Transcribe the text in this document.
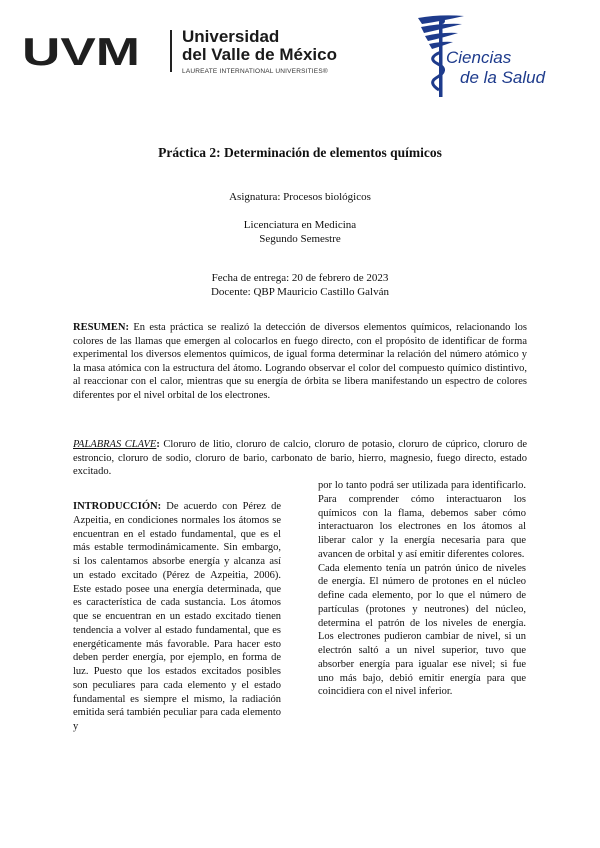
UVM Universidad
del Valle de México
LAUREATE INTERNATIONAL UNIVERSITIES®
Ciencias
de la Salud
Práctica 2: Determinación de elementos químicos
Asignatura: Procesos biológicos
Licenciatura en Medicina
Segundo Semestre
Fecha de entrega: 20 de febrero de 2023
Docente: QBP Mauricio Castillo Galván
RESUMEN: En esta práctica se realizó la detección de diversos elementos químicos, relacionando los colores de las llamas que emergen al colocarlos en fuego directo, con el propósito de identificar de forma experimental los diversos elementos químicos, de igual forma determinar la relación del número atómico y la masa atómica con la estructura del átomo. Logrando observar el color del compuesto químico distintivo, al reaccionar con el calor, mientras que su energía de órbita se libera manifestando un espectro de colores diferentes por el nivel orbital de los electrones.
PALABRAS CLAVE: Cloruro de litio, cloruro de calcio, cloruro de potasio, cloruro de cúprico, cloruro de estroncio, cloruro de sodio, cloruro de bario, carbonato de bario, hierro, magnesio, fuego directo, estado excitado.

INTRODUCCIÓN: De acuerdo con Pérez de Azpeitia, en condiciones normales los átomos se encuentran en el estado fundamental, que es el más estable termodinámicamente. Sin embargo, si los calentamos absorbe energía y alcanza así un estado excitado (Pérez de Azpeitia, 2006). Este estado posee una energía determinada, que es característica de cada sustancia. Los átomos que se encuentran en un estado excitado tienen tendencia a volver al estado fundamental, que es energéticamente más favorable. Para hacer esto deben perder energía, por ejemplo, en forma de luz. Puesto que los estados excitados posibles son peculiares para cada elemento y el estado fundamental es siempre el mismo, la radiación emitida será también peculiar para cada elemento y

por lo tanto podrá ser utilizada para identificarlo. Para comprender cómo interactuaron los químicos con la flama, debemos saber cómo interactuaron los electrones en los átomos al liberar calor y la energía necesaria para que avancen de orbital y así emitir diferentes colores.

Cada elemento tenía un patrón único de niveles de energía. El número de protones en el núcleo define cada elemento, por lo que el número de partículas (protones y neutrones) del núcleo, determina el patrón de los niveles de energía. Los electrones pudieron cambiar de nivel, si un electrón saltó a un nivel superior, tuvo que absorber energía para igualar ese nivel; si fue uno más bajo, debió emitir energía para que coincidiera con el nivel inferior.
